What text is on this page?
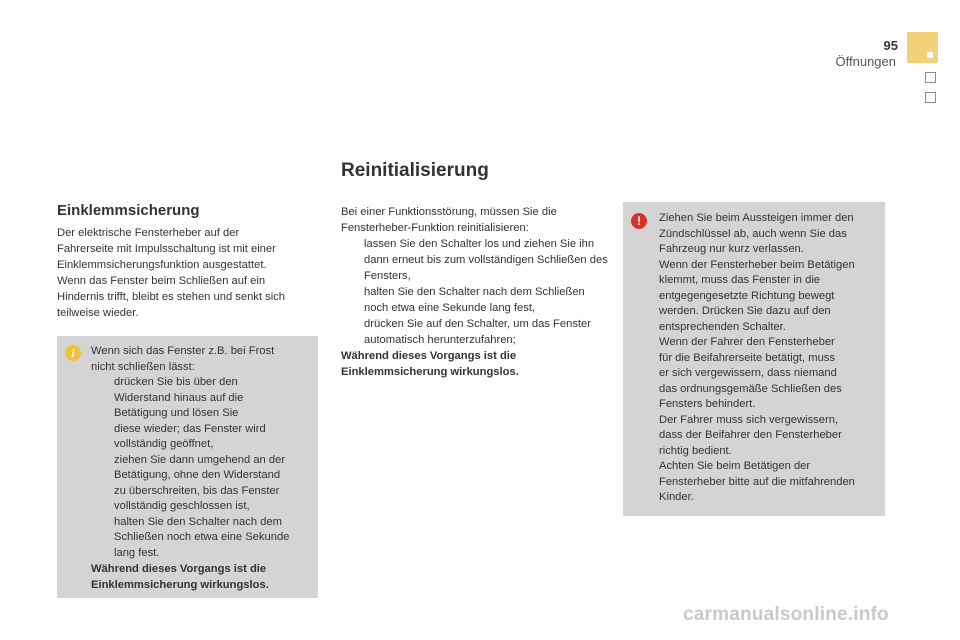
95
Öffnungen
Reinitialisierung
Einklemmsicherung
Der elektrische Fensterheber auf der
Fahrerseite mit Impulsschaltung ist mit einer
Einklemmsicherungsfunktion ausgestattet.
Wenn das Fenster beim Schließen auf ein
Hindernis trifft, bleibt es stehen und senkt sich
teilweise wieder.
i	Wenn sich das Fenster z.B. bei Frost
nicht schließen lässt:
drücken Sie bis über den
Widerstand hinaus auf die
Betätigung und lösen Sie
diese wieder; das Fenster wird
vollständig geöffnet,
ziehen Sie dann umgehend an der
Betätigung, ohne den Widerstand
zu überschreiten, bis das Fenster
vollständig geschlossen ist,
halten Sie den Schalter nach dem
Schließen noch etwa eine Sekunde
lang fest.
Während dieses Vorgangs ist die
Einklemmsicherung wirkungslos.

Bei einer Funktionsstörung, müssen Sie die Fensterheber-Funktion reinitialisieren:

lassen Sie den Schalter los und ziehen Sie ihn dann erneut bis zum vollständigen Schließen des Fensters,
halten Sie den Schalter nach dem Schließen noch etwa eine Sekunde lang fest,
drücken Sie auf den Schalter, um das Fenster automatisch herunterzufahren;
Während dieses Vorgangs ist die
Einklemmsicherung wirkungslos.
!	Ziehen Sie beim Aussteigen immer den
Zündschlüssel ab, auch wenn Sie das
Fahrzeug nur kurz verlassen.
Wenn der Fensterheber beim Betätigen
klemmt, muss das Fenster in die
entgegengesetzte Richtung bewegt
werden. Drücken Sie dazu auf den
entsprechenden Schalter.
Wenn der Fahrer den Fensterheber
für die Beifahrerseite betätigt, muss
er sich vergewissern, dass niemand
das ordnungsgemäße Schließen des
Fensters behindert.
Der Fahrer muss sich vergewissern,
dass der Beifahrer den Fensterheber
richtig bedient.
Achten Sie beim Betätigen der
Fensterheber bitte auf die mitfahrenden
Kinder.
carmanualsonline.info
